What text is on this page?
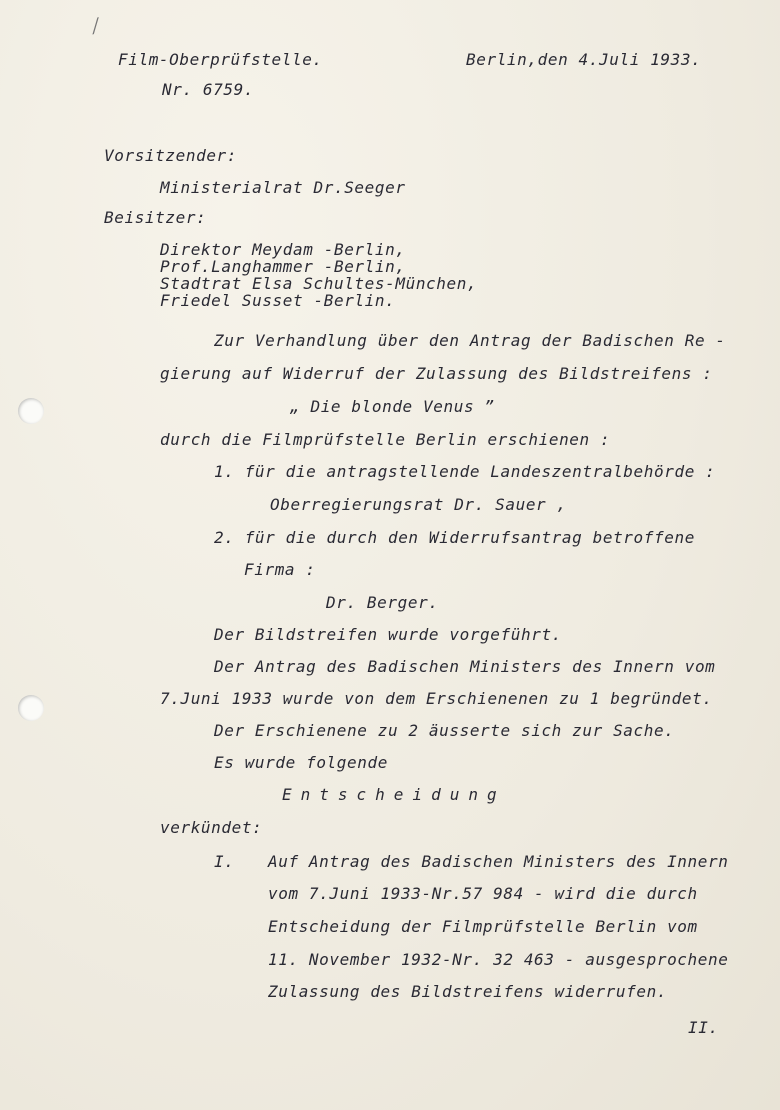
⁄
Film-Oberprüfstelle.	Berlin,den 4.Juli 1933.
Nr. 6759.
Vorsitzender:
Ministerialrat Dr.Seeger
Beisitzer:
Direktor Meydam -Berlin,
Prof.Langhammer -Berlin,
Stadtrat Elsa Schultes-München,
Friedel Susset -Berlin.
Zur Verhandlung über den Antrag der Badischen Re -
gierung auf Widerruf der Zulassung des Bildstreifens :
„ Die blonde Venus ”
durch die Filmprüfstelle Berlin erschienen :
1. für die antragstellende Landeszentralbehörde :
Oberregierungsrat Dr. Sauer ,
2. für die durch den Widerrufsantrag betroffene
Firma :
Dr. Berger.
Der Bildstreifen wurde vorgeführt.
Der Antrag des Badischen Ministers des Innern vom
7.Juni 1933 wurde von dem Erschienenen zu 1 begründet.
Der Erschienene zu 2 äusserte sich zur Sache.
Es wurde folgende
Entscheidung
verkündet:
I. Auf Antrag des Badischen Ministers des Innern
vom 7.Juni 1933-Nr.57 984 - wird die durch
Entscheidung der Filmprüfstelle Berlin vom
11. November 1932-Nr. 32 463 - ausgesprochene
Zulassung des Bildstreifens widerrufen.
II.
